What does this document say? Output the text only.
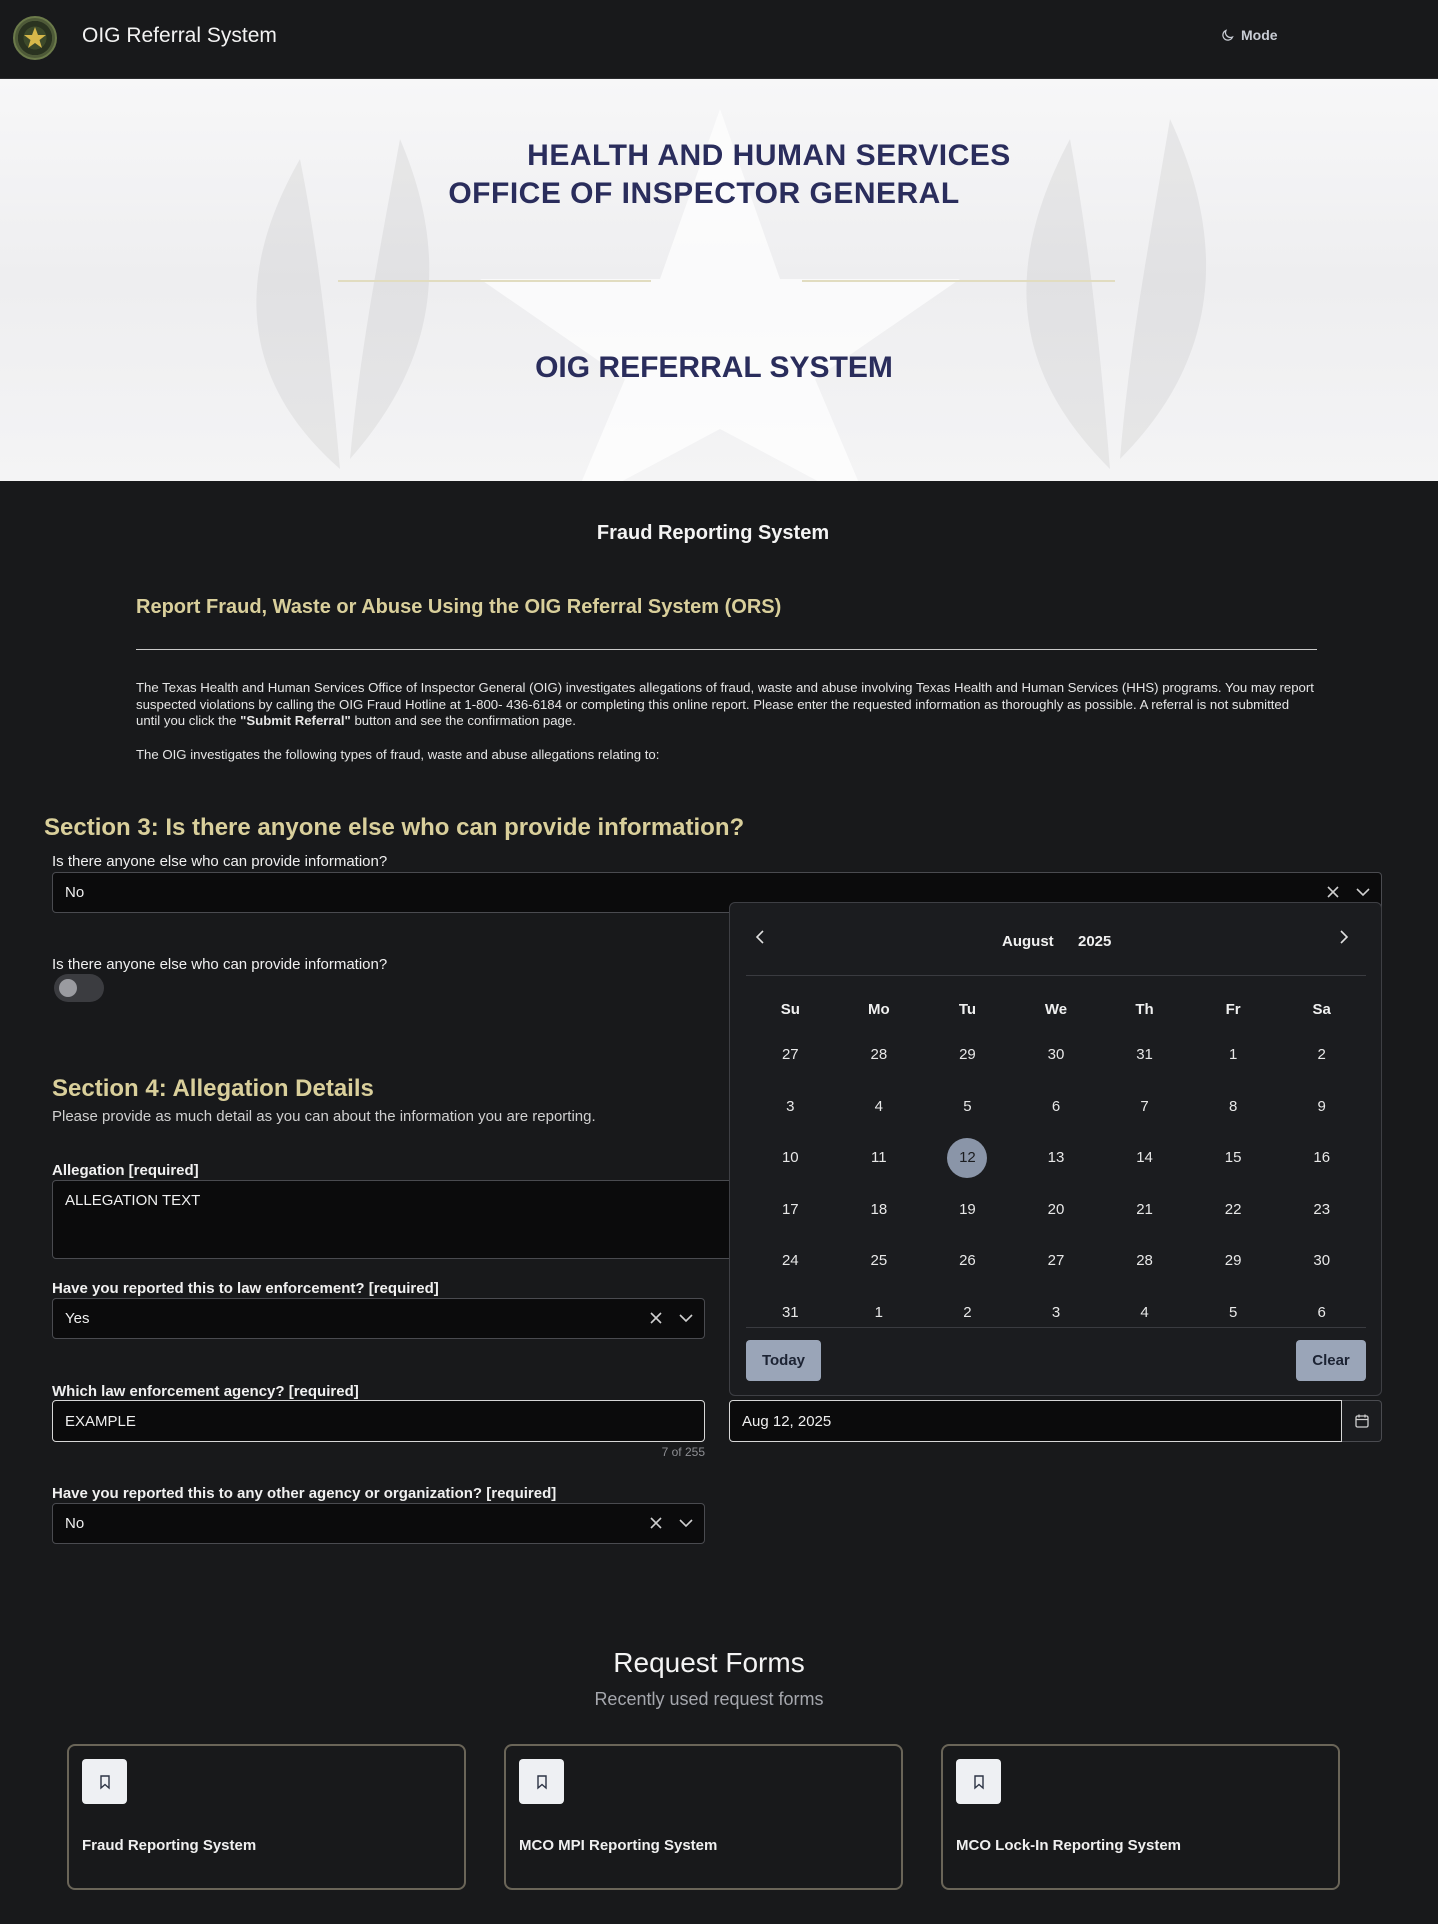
OIG Referral System	Mode
HEALTH AND HUMAN SERVICES
OFFICE OF INSPECTOR GENERAL
OIG REFERRAL SYSTEM
Fraud Reporting System
Report Fraud, Waste or Abuse Using the OIG Referral System (ORS)
The Texas Health and Human Services Office of Inspector General (OIG) investigates allegations of fraud, waste and abuse involving Texas Health and Human Services (HHS) programs. You may report suspected violations by calling the OIG Fraud Hotline at 1-800- 436-6184 or completing this online report. Please enter the requested information as thoroughly as possible. A referral is not submitted until you click the "Submit Referral" button and see the confirmation page.
The OIG investigates the following types of fraud, waste and abuse allegations relating to:
Section 3: Is there anyone else who can provide information?
Is there anyone else who can provide information?
No
Is there anyone else who can provide information?
Section 4: Allegation Details
Please provide as much detail as you can about the information you are reporting.
Allegation [required]
ALLEGATION TEXT
Have you reported this to law enforcement? [required]
Yes
Which law enforcement agency? [required]
EXAMPLE
7 of 255
Aug 12, 2025
Have you reported this to any other agency or organization? [required]
No
August 2025
Su	Mo	Tu	We	Th	Fr	Sa
27	28	29	30	31	1	2
3	4	5	6	7	8	9
10	11	12	13	14	15	16
17	18	19	20	21	22	23
24	25	26	27	28	29	30
31	1	2	3	4	5	6
Today	Clear
Request Forms
Recently used request forms
Fraud Reporting System	MCO MPI Reporting System	MCO Lock-In Reporting System
